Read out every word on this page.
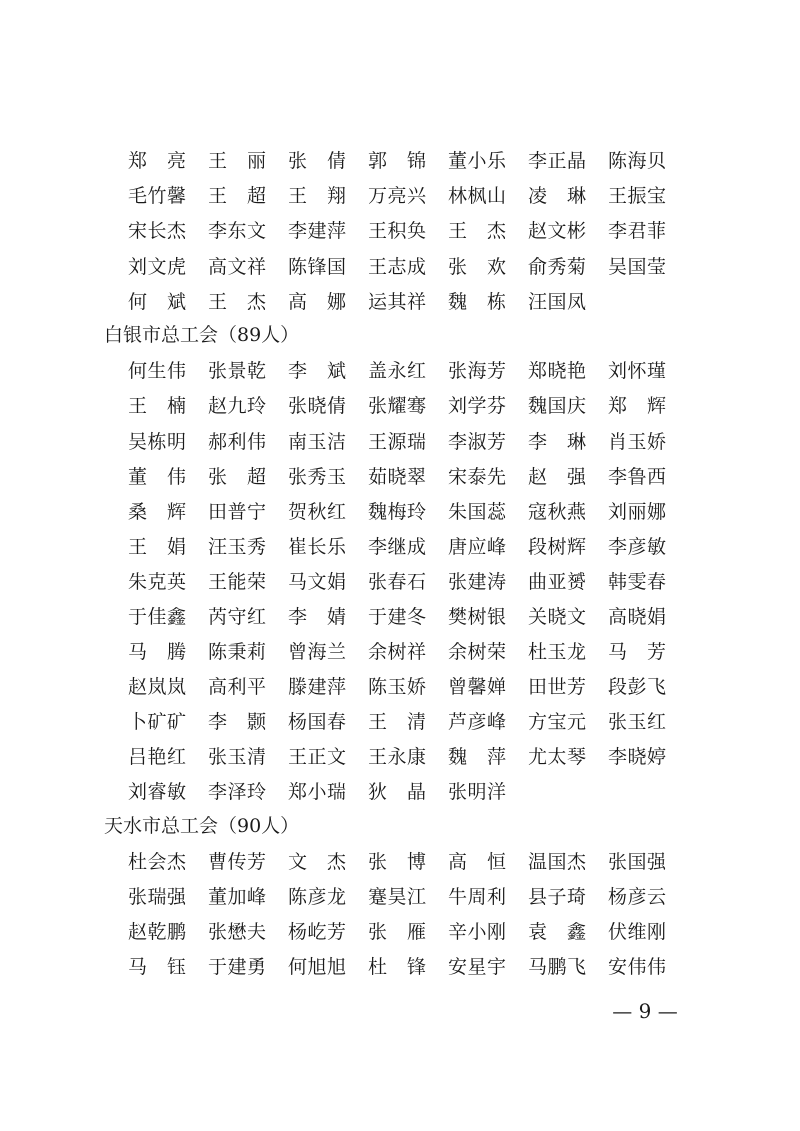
郑　亮	王　丽	张　倩	郭　锦	董小乐	李正晶	陈海贝
毛竹馨	王　超	王　翔	万亮兴	林枫山	凌　琳	王振宝
宋长杰	李东文	李建萍	王积奂	王　杰	赵文彬	李君菲
刘文虎	高文祥	陈锋国	王志成	张　欢	俞秀菊	吴国莹
何　斌	王　杰	高　娜	运其祥	魏　栋	汪国凤
白银市总工会（89人）
何生伟	张景乾	李　斌	盖永红	张海芳	郑晓艳	刘怀瑾
王　楠	赵九玲	张晓倩	张耀骞	刘学芬	魏国庆	郑　辉
吴栋明	郝利伟	南玉洁	王源瑞	李淑芳	李　琳	肖玉娇
董　伟	张　超	张秀玉	茹晓翠	宋泰先	赵　强	李鲁西
桑　辉	田普宁	贺秋红	魏梅玲	朱国蕊	寇秋燕	刘丽娜
王　娟	汪玉秀	崔长乐	李继成	唐应峰	段树辉	李彦敏
朱克英	王能荣	马文娟	张春石	张建涛	曲亚赟	韩雯春
于佳鑫	芮守红	李　婧	于建冬	樊树银	关晓文	高晓娟
马　腾	陈秉莉	曾海兰	余树祥	余树荣	杜玉龙	马　芳
赵岚岚	高利平	滕建萍	陈玉娇	曾馨婵	田世芳	段彭飞
卜矿矿	李　颢	杨国春	王　清	芦彦峰	方宝元	张玉红
吕艳红	张玉清	王正文	王永康	魏　萍	尤太琴	李晓婷
刘睿敏	李泽玲	郑小瑞	狄　晶	张明洋
天水市总工会（90人）
杜会杰	曹传芳	文　杰	张　博	高　恒	温国杰	张国强
张瑞强	董加峰	陈彦龙	蹇昊江	牛周利	县子琦	杨彦云
赵乾鹏	张懋夫	杨屹芳	张　雁	辛小刚	袁　鑫	伏维刚
马　钰	于建勇	何旭旭	杜　锋	安星宇	马鹏飞	安伟伟
— 9 —
